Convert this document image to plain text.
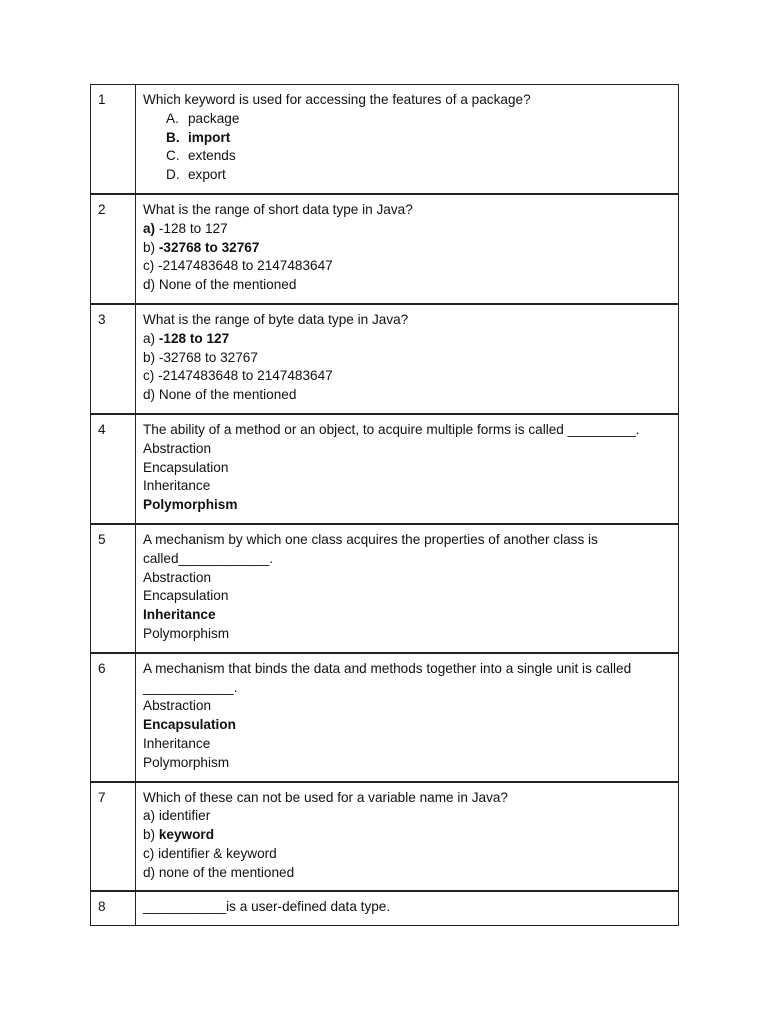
1	Which keyword is used for accessing the features of a package?
A. package
B. import
C. extends
D. export

2	What is the range of short data type in Java?
a) -128 to 127
b) -32768 to 32767
c) -2147483648 to 2147483647
d) None of the mentioned

3	What is the range of byte data type in Java?
a) -128 to 127
b) -32768 to 32767
c) -2147483648 to 2147483647
d) None of the mentioned

4	The ability of a method or an object, to acquire multiple forms is called _________.
Abstraction
Encapsulation
Inheritance
Polymorphism

5	A mechanism by which one class acquires the properties of another class is called____________.
Abstraction
Encapsulation
Inheritance
Polymorphism

6	A mechanism that binds the data and methods together into a single unit is called ____________.
Abstraction
Encapsulation
Inheritance
Polymorphism

7	Which of these can not be used for a variable name in Java?
a) identifier
b) keyword
c) identifier & keyword
d) none of the mentioned

8	___________is a user-defined data type.
